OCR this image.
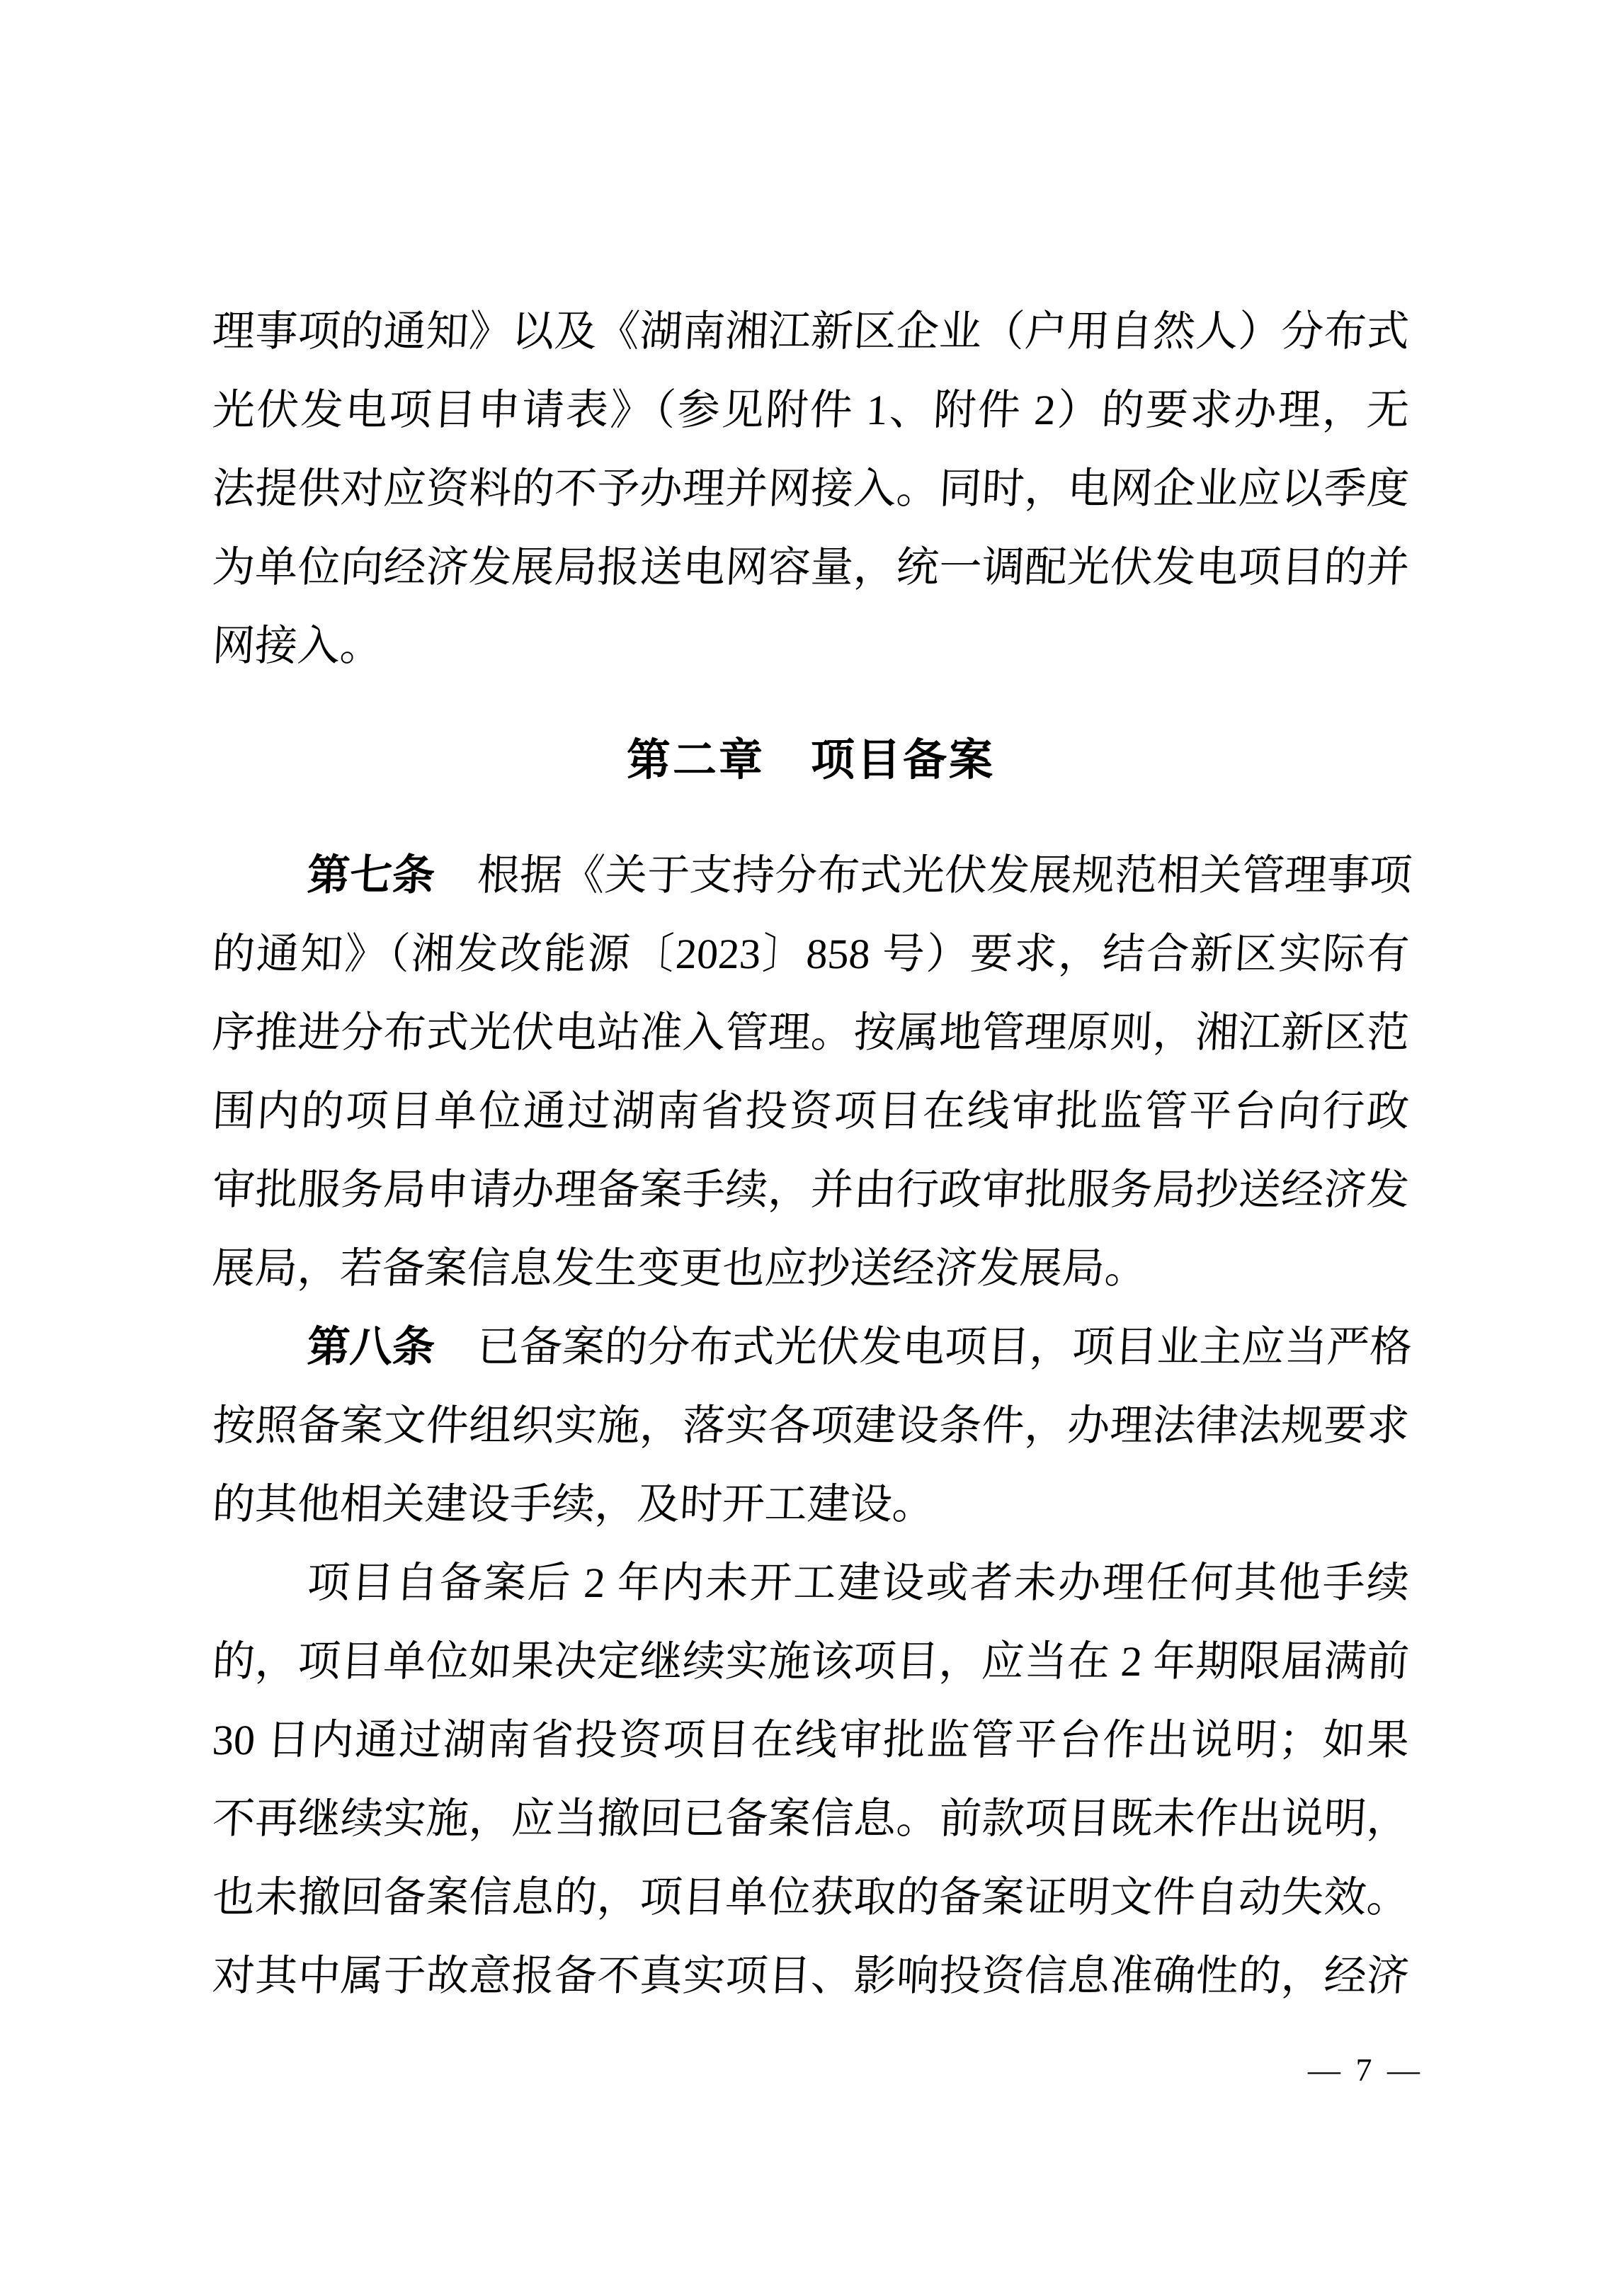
理事项的通知》以及《湖南湘江新区企业（户用自然人）分布式
光伏发电项目申请表》（参见附件 1、附件 2）的要求办理，无
法提供对应资料的不予办理并网接入。同时，电网企业应以季度
为单位向经济发展局报送电网容量，统一调配光伏发电项目的并
网接入。
第二章　项目备案
第七条　根据《关于支持分布式光伏发展规范相关管理事项
的通知》（湘发改能源〔2023〕858 号）要求，结合新区实际有
序推进分布式光伏电站准入管理。按属地管理原则，湘江新区范
围内的项目单位通过湖南省投资项目在线审批监管平台向行政
审批服务局申请办理备案手续，并由行政审批服务局抄送经济发
展局，若备案信息发生变更也应抄送经济发展局。
第八条　已备案的分布式光伏发电项目，项目业主应当严格
按照备案文件组织实施，落实各项建设条件，办理法律法规要求
的其他相关建设手续，及时开工建设。
项目自备案后 2 年内未开工建设或者未办理任何其他手续
的，项目单位如果决定继续实施该项目，应当在 2 年期限届满前
30 日内通过湖南省投资项目在线审批监管平台作出说明；如果
不再继续实施，应当撤回已备案信息。前款项目既未作出说明，
也未撤回备案信息的，项目单位获取的备案证明文件自动失效。
对其中属于故意报备不真实项目、影响投资信息准确性的，经济
— 7 —
